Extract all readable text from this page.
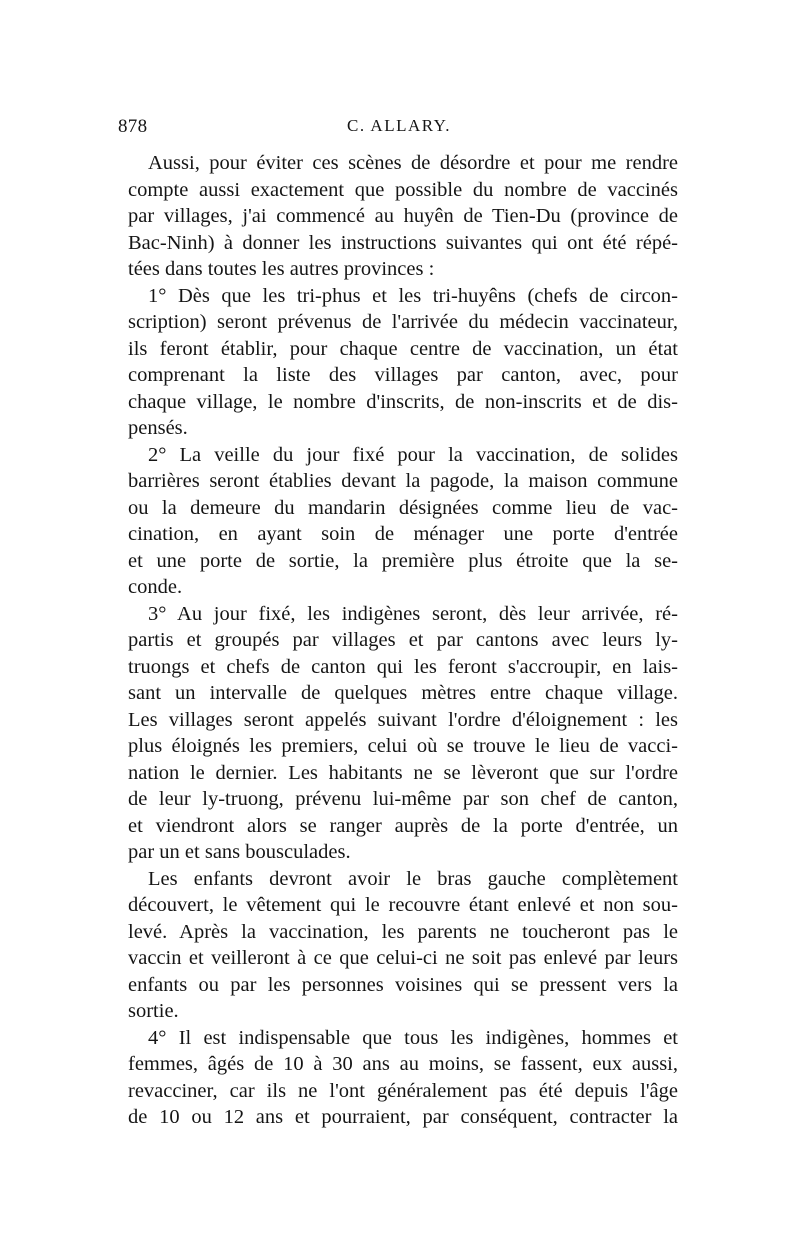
878	C. ALLARY.
Aussi, pour éviter ces scènes de désordre et pour me rendre
compte aussi exactement que possible du nombre de vaccinés
par villages, j'ai commencé au huyên de Tien-Du (province de
Bac-Ninh) à donner les instructions suivantes qui ont été répé-
tées dans toutes les autres provinces :
1° Dès que les tri-phus et les tri-huyêns (chefs de circon-
scription) seront prévenus de l'arrivée du médecin vaccinateur,
ils feront établir, pour chaque centre de vaccination, un état
comprenant la liste des villages par canton, avec, pour
chaque village, le nombre d'inscrits, de non-inscrits et de dis-
pensés.
2° La veille du jour fixé pour la vaccination, de solides
barrières seront établies devant la pagode, la maison commune
ou la demeure du mandarin désignées comme lieu de vac-
cination, en ayant soin de ménager une porte d'entrée
et une porte de sortie, la première plus étroite que la se-
conde.
3° Au jour fixé, les indigènes seront, dès leur arrivée, ré-
partis et groupés par villages et par cantons avec leurs ly-
truongs et chefs de canton qui les feront s'accroupir, en lais-
sant un intervalle de quelques mètres entre chaque village.
Les villages seront appelés suivant l'ordre d'éloignement : les
plus éloignés les premiers, celui où se trouve le lieu de vacci-
nation le dernier. Les habitants ne se lèveront que sur l'ordre
de leur ly-truong, prévenu lui-même par son chef de canton,
et viendront alors se ranger auprès de la porte d'entrée, un
par un et sans bousculades.
Les enfants devront avoir le bras gauche complètement
découvert, le vêtement qui le recouvre étant enlevé et non sou-
levé. Après la vaccination, les parents ne toucheront pas le
vaccin et veilleront à ce que celui-ci ne soit pas enlevé par leurs
enfants ou par les personnes voisines qui se pressent vers la
sortie.
4° Il est indispensable que tous les indigènes, hommes et
femmes, âgés de 10 à 30 ans au moins, se fassent, eux aussi,
revacciner, car ils ne l'ont généralement pas été depuis l'âge
de 10 ou 12 ans et pourraient, par conséquent, contracter la
